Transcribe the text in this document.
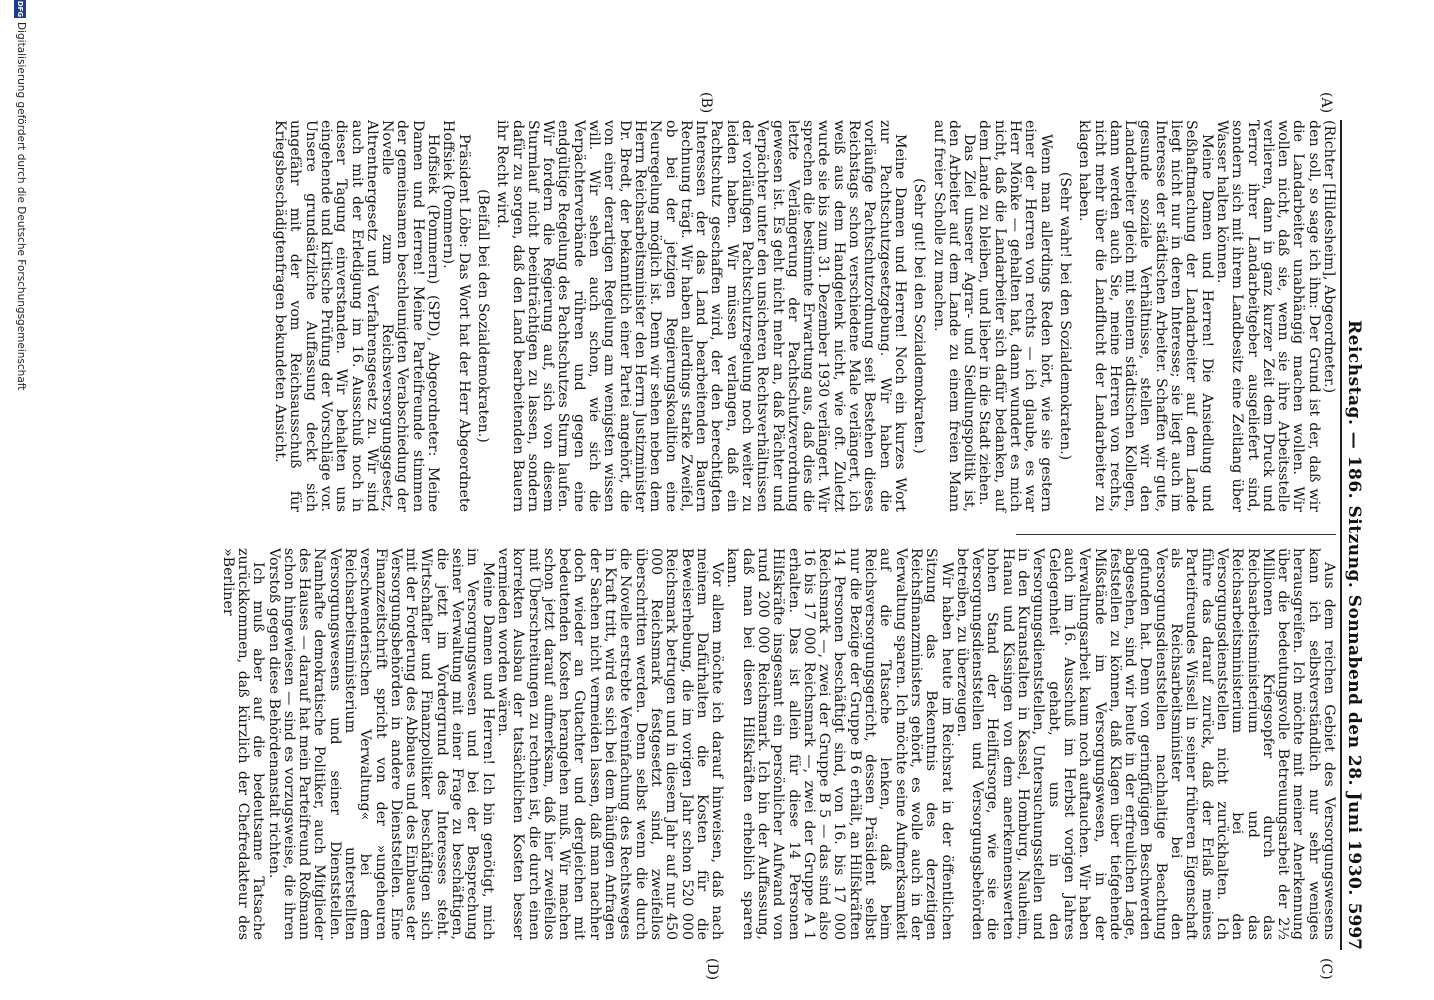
Reichstag. — 186. Sitzung. Sonnabend den 28. Juni 1930.
5997
(A)
(B)
(C)
(D)

(Richter [Hildesheim], Abgeordneter.)

den soll, so sage ich ihm: Der Grund ist der, daß wir die Landarbeiter unabhängig machen wollen. Wir wollen nicht, daß sie, wenn sie ihre Arbeitsstelle verlieren, dann in ganz kurzer Zeit dem Druck und Terror ihrer Landarbeitgeber ausgeliefert sind, sondern sich mit ihrem Landbesitz eine Zeitlang über Wasser halten können.

Meine Damen und Herren! Die Ansiedlung und Seßhaftmachung der Landarbeiter auf dem Lande liegt nicht nur in deren Interesse; sie liegt auch im Interesse der städtischen Arbeiter. Schaffen wir gute, gesunde soziale Verhältnisse, stellen wir den Landarbeiter gleich mit seinem städtischen Kollegen, dann werden auch Sie, meine Herren von rechts, nicht mehr über die Landflucht der Landarbeiter zu klagen haben.

(Sehr wahr! bei den Sozialdemokraten.)

Wenn man allerdings Reden hört, wie sie gestern einer der Herren von rechts — ich glaube, es war Herr Mönke — gehalten hat, dann wundert es mich nicht, daß die Landarbeiter sich dafür bedanken, auf dem Lande zu bleiben, und lieber in die Stadt ziehen.

Das Ziel unserer Agrar- und Siedlungspolitik ist, den Arbeiter auf dem Lande zu einem freien Mann auf freier Scholle zu machen.

(Sehr gut! bei den Sozialdemokraten.)

Meine Damen und Herren! Noch ein kurzes Wort zur Pachtschutzgesetzgebung. Wir haben die vorläufige Pachtschutzordnung seit Bestehen dieses Reichstags schon verschiedene Male verlängert, ich weiß aus dem Handgelenk nicht, wie oft. Zuletzt wurde sie bis zum 31. Dezember 1930 verlängert. Wir sprechen die bestimmte Erwartung aus, daß dies die letzte Verlängerung der Pachtschutzverordnung gewesen ist. Es geht nicht mehr an, daß Pächter und Verpächter unter den unsicheren Rechtsverhältnissen der vorläufigen Pachtschutzregelung noch weiter zu leiden haben. Wir müssen verlangen, daß ein Pachtschutz geschaffen wird, der den berechtigten Interessen der das Land bearbeitenden Bauern Rechnung trägt. Wir haben allerdings starke Zweifel, ob bei der jetzigen Regierungskoalition eine Neuregelung möglich ist. Denn wir sehen neben dem Herrn Reichsarbeitsminister den Herrn Justizminister Dr. Bredt, der bekanntlich einer Partei angehört, die von einer derartigen Regelung am wenigsten wissen will. Wir sehen auch schon, wie sich die Verpächterverbände rühren und gegen eine endgültige Regelung des Pachtschutzes Sturm laufen. Wir fordern die Regierung auf, sich von diesem Sturmlauf nicht beeinträchtigen zu lassen, sondern dafür zu sorgen, daß den Land bearbeitenden Bauern ihr Recht wird.

(Beifall bei den Sozialdemokraten.)

Präsident Löbe: Das Wort hat der Herr Abgeordnete Hoffsiek (Pommern).

Hoffsiek (Pommern) (SPD), Abgeordneter: Meine Damen und Herren! Meine Parteifreunde stimmen der gemeinsamen beschleunigten Verabschiedung der Novelle zum Reichsversorgungsgesetz, Altrentnergesetz und Verfahrensgesetz zu. Wir sind auch mit der Erledigung im 16. Ausschuß noch in dieser Tagung einverstanden. Wir behalten uns eingehende und kritische Prüfung der Vorschläge vor. Unsere grundsätzliche Auffassung deckt sich ungefähr mit der vom Reichsausschuß für Kriegsbeschädigtenfragen bekundeten Ansicht.

Aus dem reichen Gebiet des Versorgungswesens kann ich selbstverständlich nur sehr weniges herausgreifen. Ich möchte mit meiner Anerkennung über die bedeutungsvolle Betreuungsarbeit der 2½ Millionen Kriegsopfer durch das Reichsarbeitsministerium und das Reichsarbeitsministerium bei den Versorgungsdienststellen nicht zurückhalten. Ich führe das darauf zurück, daß der Erlaß meines Parteifreundes Wissell in seiner früheren Eigenschaft als Reichsarbeitsminister bei den Versorgungsdienststellen nachhaltige Beachtung gefunden hat. Denn von geringfügigen Beschwerden abgesehen, sind wir heute in der erfreulichen Lage, feststellen zu können, daß Klagen über tiefgehende Mißstände im Versorgungswesen, in der Verwaltungsarbeit kaum noch auftauchen. Wir haben auch im 16. Ausschuß im Herbst vorigen Jahres Gelegenheit gehabt, uns in den Versorgungsdienststellen, Untersuchungsstellen und in den Kuranstalten in Kassel, Homburg, Nauheim, Hanau und Kissingen von dem anerkennenswerten hohen Stand der Heilfürsorge, wie sie die Versorgungsdienststellen und Versorgungsbehörden betreiben, zu überzeugen.

Wir haben heute im Reichsrat in der öffentlichen Sitzung das Bekenntnis des derzeitigen Reichsfinanzministers gehört, es wolle auch in der Verwaltung sparen. Ich möchte seine Aufmerksamkeit auf die Tatsache lenken, daß beim Reichsversorgungsgericht, dessen Präsident selbst nur die Bezüge der Gruppe B 6 erhält, an Hilfskräften 14 Personen beschäftigt sind, von 16. bis 17 000 Reichsmark —, zwei der Gruppe B 5 — das sind also 16 bis 17 000 Reichsmark —, zwei der Gruppe A 1 erhalten. Das ist allein für diese 14 Personen Hilfskräfte insgesamt ein persönlicher Aufwand von rund 200 000 Reichsmark. Ich bin der Auffassung, daß man bei diesen Hilfskräften erheblich sparen kann.

Vor allem möchte ich darauf hinweisen, daß nach meinem Dafürhalten die Kosten für die Beweiserhebung, die im vorigen Jahr schon 520 000 Reichsmark betrugen und in diesem Jahr auf nur 450 000 Reichsmark festgesetzt sind, zweifellos überschritten werden. Denn selbst wenn die durch die Novelle erstrebte Vereinfachung des Rechtsweges in Kraft tritt, wird es sich bei dem häufigen Anfragen der Sachen nicht vermeiden lassen, daß man nachher doch wieder an Gutachter und dergleichen mit bedeutenden Kosten herangehen muß. Wir machen schon jetzt darauf aufmerksam, daß hier zweifellos mit Überschreitungen zu rechnen ist, die durch einen korrekten Ausbau der tatsächlichen Kosten besser vermieden worden wären.

Meine Damen und Herren! Ich bin genötigt, mich im Versorgungswesen und bei der Besprechung seiner Verwaltung mit einer Frage zu beschäftigen, die jetzt im Vordergrund des Interesses steht. Wirtschaftler und Finanzpolitiker beschäftigen sich mit der Forderung des Abbaues und des Einbaues der Versorgungsbehörden in andere Dienststellen. Eine Finanzzeitschrift spricht von der »ungeheuren verschwenderischen Verwaltung« bei dem Reichsarbeitsministerium unterstellten Versorgungswesens und seiner Dienststellen. Namhafte demokratische Politiker, auch Mitglieder des Hauses — darauf hat mein Parteifreund Roßmann schon hingewiesen — sind es vorzugsweise, die ihren Vorstoß gegen diese Behördenanstalt richten.

Ich muß aber auf die bedeutsame Tatsache zurückkommen, daß kürzlich der Chefredakteur des »Berliner

DFG
Digitalisierung gefördert durch die Deutsche Forschungsgemeinschaft
